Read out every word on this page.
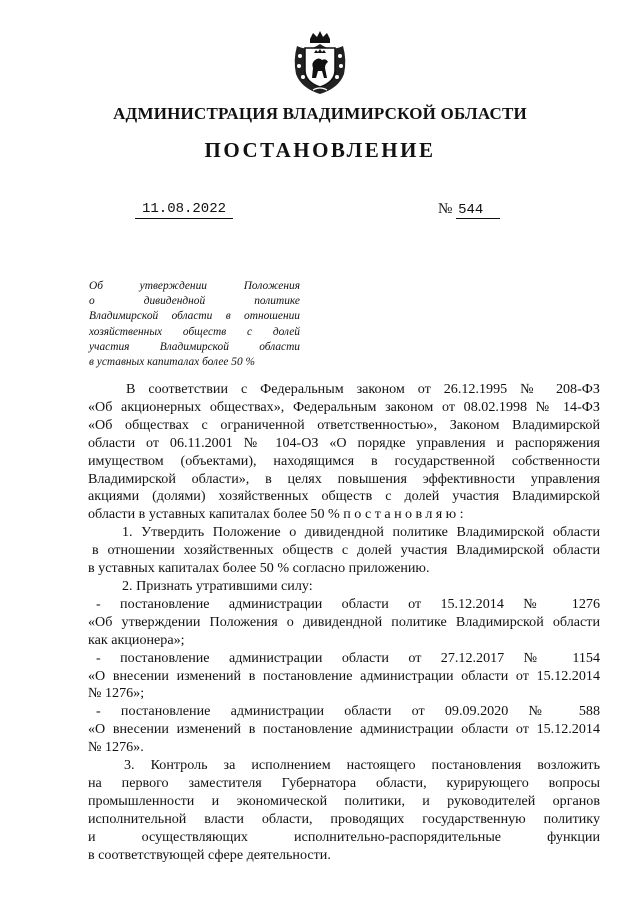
АДМИНИСТРАЦИЯ ВЛАДИМИРСКОЙ ОБЛАСТИ
ПОСТАНОВЛЕНИЕ
11.08.2022	№ 544
Об утверждении Положения
о дивидендной политике
Владимирской области в отношении
хозяйственных обществ с долей
участия Владимирской области
в уставных капиталах более 50 %
В соответствии с Федеральным законом от 26.12.1995 № 208-ФЗ
«Об акционерных обществах», Федеральным законом от 08.02.1998 № 14-ФЗ
«Об обществах с ограниченной ответственностью», Законом Владимирской
области от 06.11.2001 № 104-ОЗ «О порядке управления и распоряжения
имуществом (объектами), находящимся в государственной собственности
Владимирской области», в целях повышения эффективности управления
акциями (долями) хозяйственных обществ с долей участия Владимирской
области в уставных капиталах более 50 % постановляю:
1. Утвердить Положение о дивидендной политике Владимирской области
в отношении хозяйственных обществ с долей участия Владимирской области
в уставных капиталах более 50 % согласно приложению.
2. Признать утратившими силу:
- постановление администрации области от 15.12.2014 № 1276
«Об утверждении Положения о дивидендной политике Владимирской области
как акционера»;
- постановление администрации области от 27.12.2017 № 1154
«О внесении изменений в постановление администрации области от 15.12.2014
№ 1276»;
- постановление администрации области от 09.09.2020 № 588
«О внесении изменений в постановление администрации области от 15.12.2014
№ 1276».
3. Контроль за исполнением настоящего постановления возложить
на первого заместителя Губернатора области, курирующего вопросы
промышленности и экономической политики, и руководителей органов
исполнительной власти области, проводящих государственную политику
и осуществляющих исполнительно-распорядительные функции
в соответствующей сфере деятельности.
